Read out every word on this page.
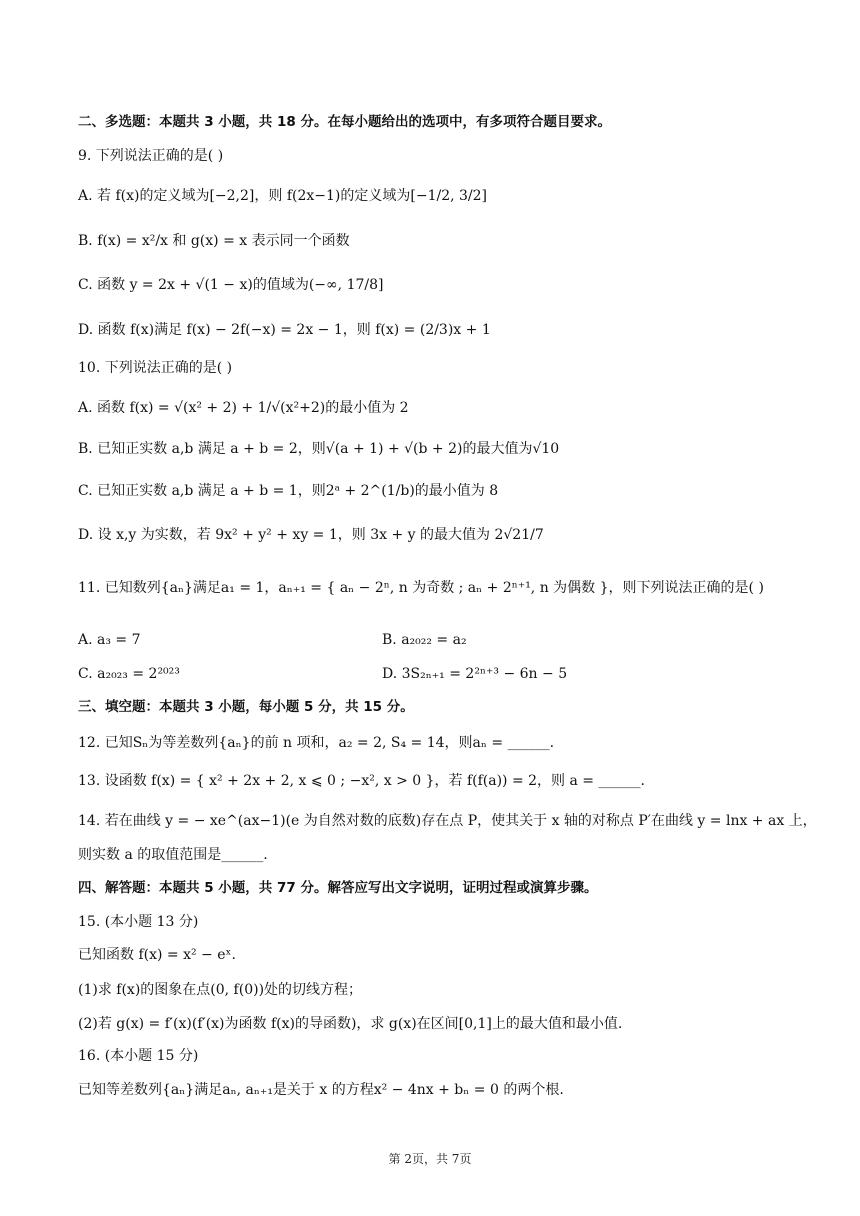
二、多选题：本题共 3 小题，共 18 分。在每小题给出的选项中，有多项符合题目要求。
9. 下列说法正确的是( )
A. 若 f(x)的定义域为[−2,2]，则 f(2x−1)的定义域为[−1/2, 3/2]
B. f(x) = x²/x 和 g(x) = x 表示同一个函数
C. 函数 y = 2x + √(1 − x)的值域为(−∞, 17/8]
D. 函数 f(x)满足 f(x) − 2f(−x) = 2x − 1，则 f(x) = (2/3)x + 1
10. 下列说法正确的是( )
A. 函数 f(x) = √(x² + 2) + 1/√(x²+2)的最小值为 2
B. 已知正实数 a,b 满足 a + b = 2，则√(a + 1) + √(b + 2)的最大值为√10
C. 已知正实数 a,b 满足 a + b = 1，则2ᵃ + 2^(1/b)的最小值为 8
D. 设 x,y 为实数，若 9x² + y² + xy = 1，则 3x + y 的最大值为 2√21/7
11. 已知数列{aₙ}满足a₁ = 1，aₙ₊₁ = { aₙ − 2ⁿ, n 为奇数 ; aₙ + 2ⁿ⁺¹, n 为偶数 }，则下列说法正确的是( )
A. a₃ = 7	B. a₂₀₂₂ = a₂
C. a₂₀₂₃ = 2²⁰²³	D. 3S₂ₙ₊₁ = 2²ⁿ⁺³ − 6n − 5
三、填空题：本题共 3 小题，每小题 5 分，共 15 分。
12. 已知Sₙ为等差数列{aₙ}的前 n 项和，a₂ = 2, S₄ = 14，则aₙ = ______.
13. 设函数 f(x) = { x² + 2x + 2, x ⩽ 0 ; −x², x > 0 }，若 f(f(a)) = 2，则 a = ______.
14. 若在曲线 y = − xe^(ax−1)(e 为自然对数的底数)存在点 P，使其关于 x 轴的对称点 P′在曲线 y = lnx + ax 上，
则实数 a 的取值范围是______.
四、解答题：本题共 5 小题，共 77 分。解答应写出文字说明，证明过程或演算步骤。
15. (本小题 13 分)
已知函数 f(x) = x² − eˣ.
(1)求 f(x)的图象在点(0, f(0))处的切线方程；
(2)若 g(x) = f′(x)(f′(x)为函数 f(x)的导函数)，求 g(x)在区间[0,1]上的最大值和最小值.
16. (本小题 15 分)
已知等差数列{aₙ}满足aₙ, aₙ₊₁是关于 x 的方程x² − 4nx + bₙ = 0 的两个根.
第 2页，共 7页
